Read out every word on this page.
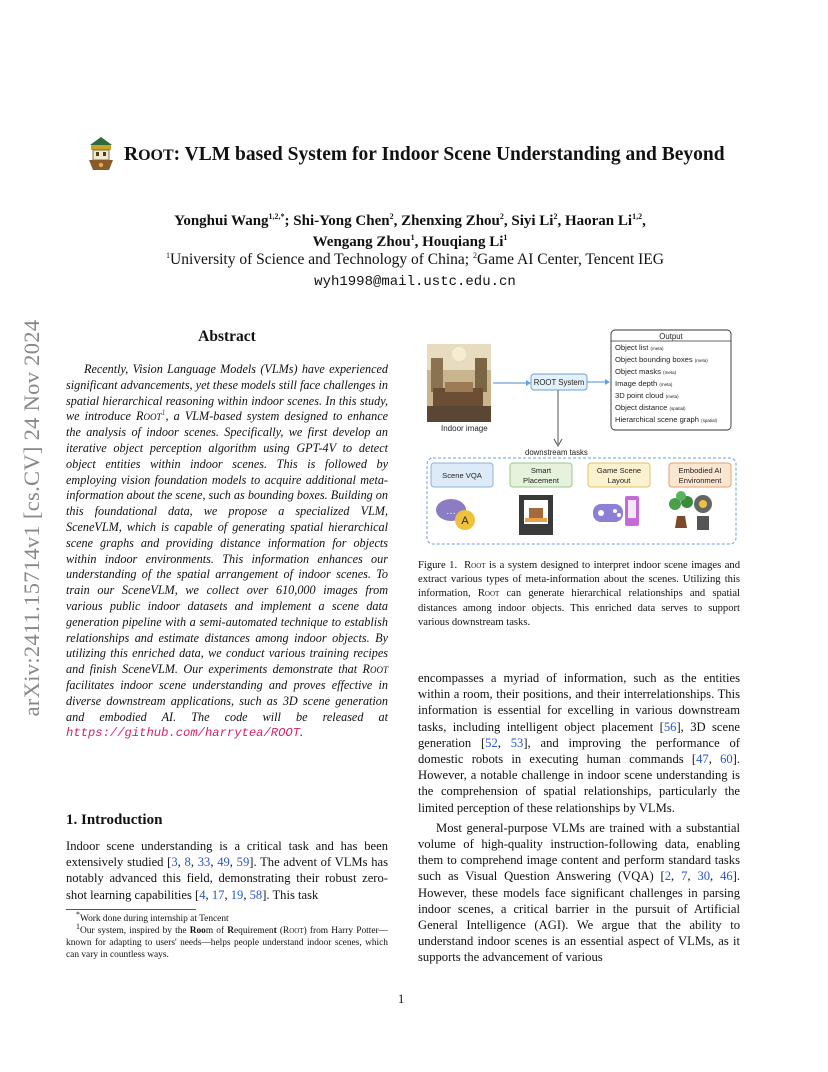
arXiv:2411.15714v1 [cs.CV] 24 Nov 2024
ROOT: VLM based System for Indoor Scene Understanding and Beyond
Yonghui Wang$^{1,2,*}$; Shi-Yong Chen$^2$, Zhenxing Zhou$^2$, Siyi Li$^2$, Haoran Li$^{1,2}$,
Wengang Zhou$^1$, Houqiang Li$^1$
$^1$University of Science and Technology of China; $^2$Game AI Center, Tencent IEG
wyh1998@mail.ustc.edu.cn
Abstract

Recently, Vision Language Models (VLMs) have experienced significant advancements, yet these models still face challenges in spatial hierarchical reasoning within indoor scenes. In this study, we introduce Root$^1$, a VLM-based system designed to enhance the analysis of indoor scenes. Specifically, we first develop an iterative object perception algorithm using GPT-4V to detect object entities within indoor scenes. This is followed by employing vision foundation models to acquire additional meta-information about the scene, such as bounding boxes. Building on this foundational data, we propose a specialized VLM, SceneVLM, which is capable of generating spatial hierarchical scene graphs and providing distance information for objects within indoor environments. This information enhances our understanding of the spatial arrangement of indoor scenes. To train our SceneVLM, we collect over 610,000 images from various public indoor datasets and implement a scene data generation pipeline with a semi-automated technique to establish relationships and estimate distances among indoor objects. By utilizing this enriched data, we conduct various training recipes and finish SceneVLM. Our experiments demonstrate that Root facilitates indoor scene understanding and proves effective in diverse downstream applications, such as 3D scene generation and embodied AI. The code will be released at https://github.com/harrytea/ROOT.

1. Introduction

Indoor scene understanding is a critical task and has been extensively studied [3, 8, 33, 49, 59]. The advent of VLMs has notably advanced this field, demonstrating their robust zero-shot learning capabilities [4, 17, 19, 58]. This task

*Work done during internship at Tencent

$^1$Our system, inspired by the Room of Requirement (Root) from Harry Potter—known for adapting to users' needs—helps people understand indoor scenes, which can vary in countless ways.

Indoor image
ROOT System
Output
Object list (meta)
Object bounding boxes (meta)
Object masks (meta)
Image depth (meta)
3D point cloud (meta)
Object distance (spatial)
Hierarchical scene graph (spatial)
downstream tasks
Scene VQA
Smart
Placement
Game Scene
Layout
Embodied AI
Environment
…
A
Figure 1. Root is a system designed to interpret indoor scene images and extract various types of meta-information about the scenes. Utilizing this information, Root can generate hierarchical relationships and spatial distances among indoor objects. This enriched data serves to support various downstream tasks.

encompasses a myriad of information, such as the entities within a room, their positions, and their interrelationships. This information is essential for excelling in various downstream tasks, including intelligent object placement [56], 3D scene generation [52, 53], and improving the performance of domestic robots in executing human commands [47, 60]. However, a notable challenge in indoor scene understanding is the comprehension of spatial relationships, particularly the limited perception of these relationships by VLMs.

Most general-purpose VLMs are trained with a substantial volume of high-quality instruction-following data, enabling them to comprehend image content and perform standard tasks such as Visual Question Answering (VQA) [2, 7, 30, 46]. However, these models face significant challenges in parsing indoor scenes, a critical barrier in the pursuit of Artificial General Intelligence (AGI). We argue that the ability to understand indoor scenes is an essential aspect of VLMs, as it supports the advancement of various

1
